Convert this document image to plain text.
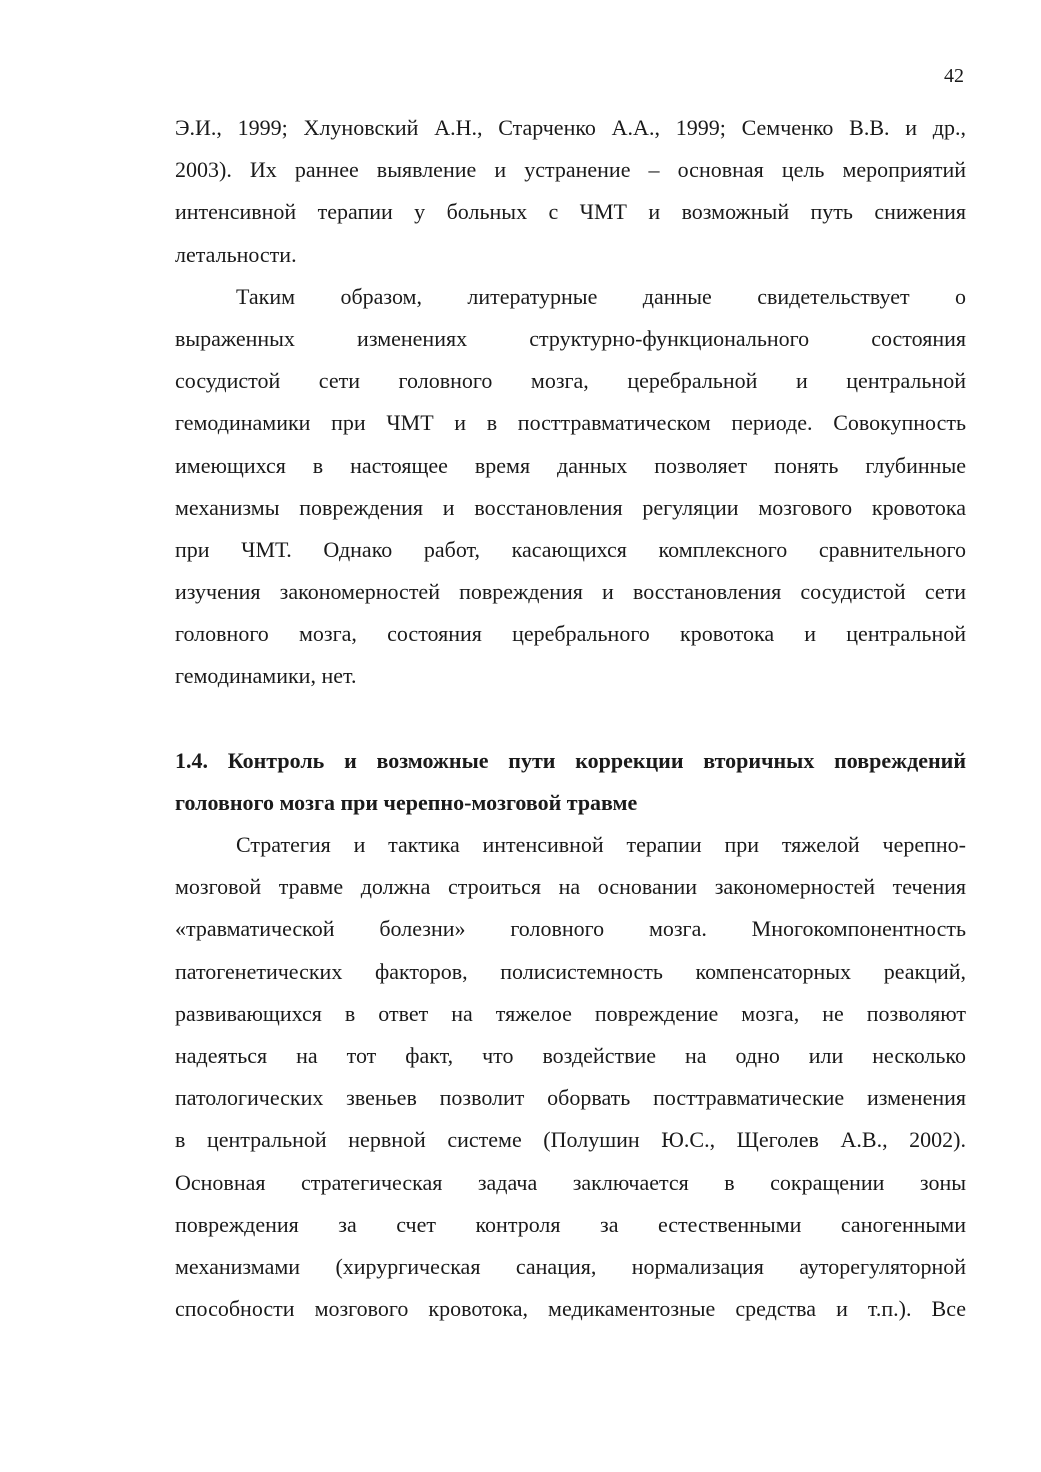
42
Э.И., 1999; Хлуновский А.Н., Старченко А.А., 1999; Семченко В.В. и др.,
2003). Их раннее выявление и устранение – основная цель мероприятий
интенсивной терапии у больных с ЧМТ и возможный путь снижения
летальности.
Таким образом, литературные данные свидетельствует о
выраженных изменениях структурно-функционального состояния
сосудистой сети головного мозга, церебральной и центральной
гемодинамики при ЧМТ и в посттравматическом периоде. Совокупность
имеющихся в настоящее время данных позволяет понять глубинные
механизмы повреждения и восстановления регуляции мозгового кровотока
при ЧМТ. Однако работ, касающихся комплексного сравнительного
изучения закономерностей повреждения и восстановления сосудистой сети
головного мозга, состояния церебрального кровотока и центральной
гемодинамики, нет.
1.4. Контроль и возможные пути коррекции вторичных повреждений
головного мозга при черепно-мозговой травме
Стратегия и тактика интенсивной терапии при тяжелой черепно-
мозговой травме должна строиться на основании закономерностей течения
«травматической болезни» головного мозга. Многокомпонентность
патогенетических факторов, полисистемность компенсаторных реакций,
развивающихся в ответ на тяжелое повреждение мозга, не позволяют
надеяться на тот факт, что воздействие на одно или несколько
патологических звеньев позволит оборвать посттравматические изменения
в центральной нервной системе (Полушин Ю.С., Щеголев А.В., 2002).
Основная стратегическая задача заключается в сокращении зоны
повреждения за счет контроля за естественными саногенными
механизмами (хирургическая санация, нормализация ауторегуляторной
способности мозгового кровотока, медикаментозные средства и т.п.). Все
